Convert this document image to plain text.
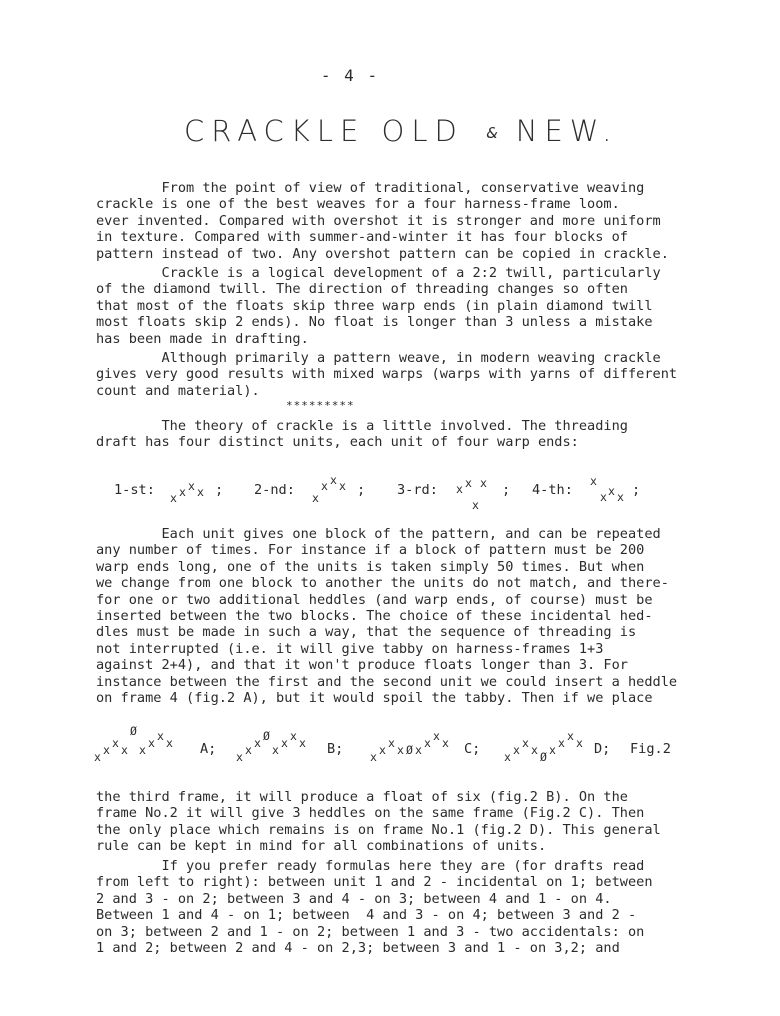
- 4 -
CRACKLE OLD & NEW.
From the point of view of traditional, conservative weaving
crackle is one of the best weaves for a four harness-frame loom.
ever invented. Compared with overshot it is stronger and more uniform
in texture. Compared with summer-and-winter it has four blocks of
pattern instead of two. Any overshot pattern can be copied in crackle.
Crackle is a logical development of a 2:2 twill, particularly
of the diamond twill. The direction of threading changes so often
that most of the floats skip three warp ends (in plain diamond twill
most floats skip 2 ends). No float is longer than 3 unless a mistake
has been made in drafting.
Although primarily a pattern weave, in modern weaving crackle
gives very good results with mixed warps (warps with yarns of different
count and material).
*********
The theory of crackle is a little involved. The threading
draft has four distinct units, each unit of four warp ends:
1-st: x x x x ; 2-nd: x
x x x ; 3-rd: x x x
x
; 4-th:
x
x x x ;
Each unit gives one block of the pattern, and can be repeated
any number of times. For instance if a block of pattern must be 200
warp ends long, one of the units is taken simply 50 times. But when
we change from one block to another the units do not match, and there-
for one or two additional heddles (and warp ends, of course) must be
inserted between the two blocks. The choice of these incidental hed-
dles must be made in such a way, that the sequence of threading is
not interrupted (i.e. it will give tabby on harness-frames 1+3
against 2+4), and that it won't produce floats longer than 3. For
instance between the first and the second unit we could insert a heddle
on frame 4 (fig.2 A), but it would spoil the tabby. Then if we place
x x x x
Ø
x x x x A; x x x Ø
x x x x B; x x x x Ø x x x x C; x x x x Ø x x x x D; Fig.2
the third frame, it will produce a float of six (fig.2 B). On the
frame No.2 it will give 3 heddles on the same frame (Fig.2 C). Then
the only place which remains is on frame No.1 (fig.2 D). This general
rule can be kept in mind for all combinations of units.
If you prefer ready formulas here they are (for drafts read
from left to right): between unit 1 and 2 - incidental on 1; between
2 and 3 - on 2; between 3 and 4 - on 3; between 4 and 1 - on 4.
Between 1 and 4 - on 1; between  4 and 3 - on 4; between 3 and 2 -
on 3; between 2 and 1 - on 2; between 1 and 3 - two accidentals: on
1 and 2; between 2 and 4 - on 2,3; between 3 and 1 - on 3,2; and
